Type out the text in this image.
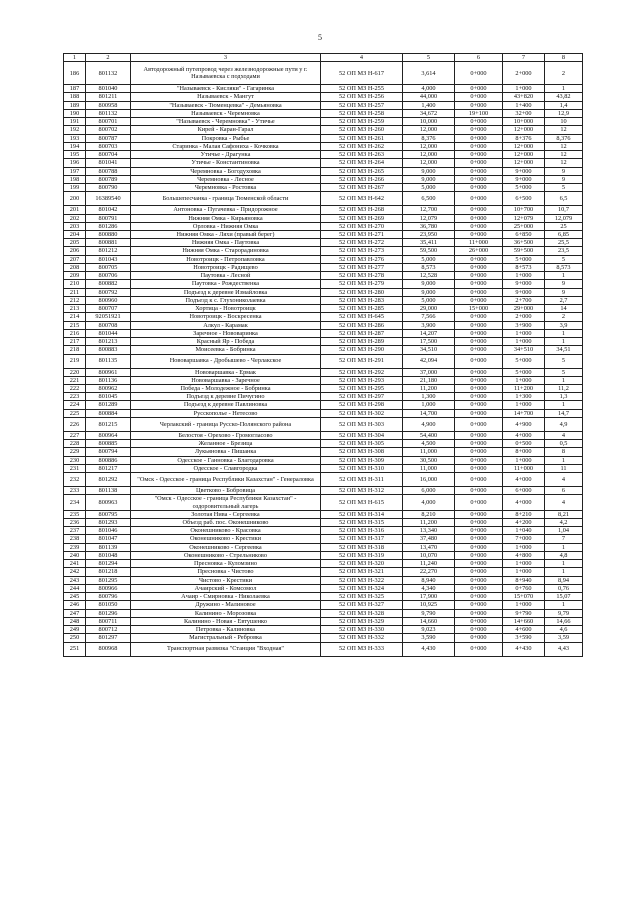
5
1	2	3	4	5	6	7	8
186	801132	Автодорожный путепровод через железнодорожные пути у г. Называевска с подходами	52 ОП МЗ Н-617	3,614	0+000	2+000	2
187	801040	"Называевск - Кисляки" - Гагаринка	52 ОП МЗ Н-255	4,000	0+000	1+000	1
188	801211	Называевск - Мангут	52 ОП МЗ Н-256	44,000	0+000	43+820	43,82
189	800958	"Называевск - Тюменцевка" - Демьяновка	52 ОП МЗ Н-257	1,400	0+000	1+400	1,4
190	801132	Называевск - Черемновка	52 ОП МЗ Н-258	34,672	19+100	32+00	12,9
191	800701	"Называевск - Черемновка" - Утичье	52 ОП МЗ Н-259	10,000	0+000	10+000	10
192	800702	Кирей - Каран-Гарал	52 ОП МЗ Н-260	12,000	0+000	12+000	12
193	800787	Покровка - Рыбье	52 ОП МЗ Н-261	8,376	0+000	8+376	8,376
194	800703	Старинка - Малая Сафониха - Кочковка	52 ОП МЗ Н-262	12,000	0+000	12+000	12
195	800704	Утичье - Драгунка	52 ОП МЗ Н-263	12,000	0+000	12+000	12
196	801041	Утичье - Константиновка	52 ОП МЗ Н-264	12,000	0+000	12+000	12
197	800788	Черемновка - Богодуховка	52 ОП МЗ Н-265	9,000	0+000	9+000	9
198	800789	Черемновка - Лесное	52 ОП МЗ Н-266	9,000	0+000	9+000	9
199	800790	Черемновка - Ростовка	52 ОП МЗ Н-267	5,000	0+000	5+000	5
200	16389540	Большепесчанка - граница Тюменской области	52 ОП МЗ Н-642	6,500	0+000	6+500	6,5
201	801042	Антоновка - Пугачевка - Придорожное	52 ОП МЗ Н-268	12,700	0+000	10+700	10,7
202	800791	Нижняя Омка - Кирьяновка	52 ОП МЗ Н-269	12,079	0+000	12+079	12,079
203	801286	Орловка - Нижняя Омка	52 ОП МЗ Н-270	36,780	0+000	25+000	25
204	800880	Нижняя Омка - Ляхи (правый берег)	52 ОП МЗ Н-271	23,950	0+000	6+850	6,85
205	800881	Нижняя Омка - Паутовка	52 ОП МЗ Н-272	35,411	11+000	36+500	25,5
206	801212	Нижняя Омка - Старорадиновка	52 ОП МЗ Н-273	59,500	26+000	59+500	23,5
207	801043	Новотроицк - Петропавловка	52 ОП МЗ Н-276	5,000	0+000	5+000	5
208	800705	Новотроицк - Радищево	52 ОП МЗ Н-277	8,573	0+000	8+573	8,573
209	800706	Паутовка - Лесной	52 ОП МЗ Н-278	12,528	0+000	1+000	1
210	800882	Паутовка - Рождественка	52 ОП МЗ Н-279	9,000	0+000	9+000	9
211	800792	Подъезд к деревне Измайловка	52 ОП МЗ Н-280	9,000	0+000	9+000	9
212	800960	Подъезд к с. Глухониколаевка	52 ОП МЗ Н-283	5,000	0+000	2+700	2,7
213	800707	Хортица - Новотроицк	52 ОП МЗ Н-285	29,000	15+000	29+000	14
214	92051921	Новотроицк - Воскресенка	52 ОП МЗ Н-645	7,566	0+000	2+000	2
215	800708	Алкул - Карамак	52 ОП МЗ Н-286	3,900	0+000	3+900	3,9
216	801044	Заречное - Нововаринка	52 ОП МЗ Н-287	14,207	0+000	1+000	1
217	801213	Красный Яр - Победа	52 ОП МЗ Н-289	17,500	0+000	1+000	1
218	800883	Моисеевка - Бобринка	52 ОП МЗ Н-290	34,510	0+000	34+510	34,51
219	801135	Нововаршавка - Дробышево - Черлакское	52 ОП МЗ Н-291	42,094	0+000	5+000	5
220	800961	Нововаршавка - Ермак	52 ОП МЗ Н-292	37,000	0+000	5+000	5
221	801136	Нововаршавка - Заречное	52 ОП МЗ Н-293	21,180	0+000	1+000	1
222	800962	Победа - Молодежное - Бобринка	52 ОП МЗ Н-295	11,200	0+000	11+200	11,2
223	801045	Подъезд к деревне Пичугино	52 ОП МЗ Н-297	1,300	0+000	1+300	1,3
224	801289	Подъезд к деревне Павлиновка	52 ОП МЗ Н-298	1,000	0+000	1+000	1
225	800884	Русскополье - Нетесово	52 ОП МЗ Н-302	14,700	0+000	14+700	14,7
226	801215	Черлакский - граница Русско-Полянского района	52 ОП МЗ Н-303	4,900	0+000	4+900	4,9
227	800964	Белостоя - Орехово - Громогласово	52 ОП МЗ Н-304	54,400	0+000	4+000	4
228	800885	Желанное - Брезица	52 ОП МЗ Н-305	4,500	0+000	0+500	0,5
229	800794	Лукьяновка - Пишанка	52 ОП МЗ Н-308	11,000	0+000	8+000	8
230	800886	Одесское - Ганновка - Благодаровка	52 ОП МЗ Н-309	30,500	0+000	1+000	1
231	801217	Одесское - Славгородка	52 ОП МЗ Н-310	11,000	0+000	11+000	11
232	801292	"Омск - Одесское - граница Республики Казахстан" - Генераловка	52 ОП МЗ Н-311	16,000	0+000	4+000	4
233	801138	Цветково - Бобровица	52 ОП МЗ Н-312	6,000	0+000	6+000	6
234	800963	"Омск - Одесское - граница Республики Казахстан" - оздоровительный лагерь	52 ОП МЗ Н-615	4,000	0+000	4+000	4
235	800795	Золотая Нива - Сергеевка	52 ОП МЗ Н-314	8,210	0+000	8+210	8,21
236	801293	Объезд раб. пос. Оконешниково	52 ОП МЗ Н-315	11,200	0+000	4+200	4,2
237	801046	Оконешниково - Красовка	52 ОП МЗ Н-316	13,340	0+000	1+040	1,04
238	801047	Оконешниково - Крестики	52 ОП МЗ Н-317	37,480	0+000	7+000	7
239	801139	Оконешниково - Сергеевка	52 ОП МЗ Н-318	13,470	0+000	1+000	1
240	801048	Оконешниково - Стрельниково	52 ОП МЗ Н-319	10,070	0+000	4+800	4,8
241	801294	Пресновка - Куломзино	52 ОП МЗ Н-320	11,240	0+000	1+000	1
242	801218	Пресновка - Чистово	52 ОП МЗ Н-321	22,270	0+000	1+000	1
243	801295	Чистово - Крестики	52 ОП МЗ Н-322	8,940	0+000	8+940	8,94
244	800966	Ачаирский - Комсомол	52 ОП МЗ Н-324	4,340	0+000	0+760	0,76
245	800796	Ачаир - Смирновка - Николаевка	52 ОП МЗ Н-325	17,900	0+000	15+070	15,07
246	801050	Дружино - Малиновое	52 ОП МЗ Н-327	10,925	0+000	1+000	1
247	801296	Калинино - Морозовка	52 ОП МЗ Н-328	9,790	0+000	9+790	9,79
248	800711	Калинино - Новая - Евтушенко	52 ОП МЗ Н-329	14,660	0+000	14+660	14,66
249	800712	Петровка - Калиновка	52 ОП МЗ Н-330	9,023	0+000	4+600	4,6
250	801297	Магистральный - Ребровка	52 ОП МЗ Н-332	3,590	0+000	3+590	3,59
251	800968	Транспортная развязка "Станция "Входная"	52 ОП МЗ Н-333	4,430	0+000	4+430	4,43
